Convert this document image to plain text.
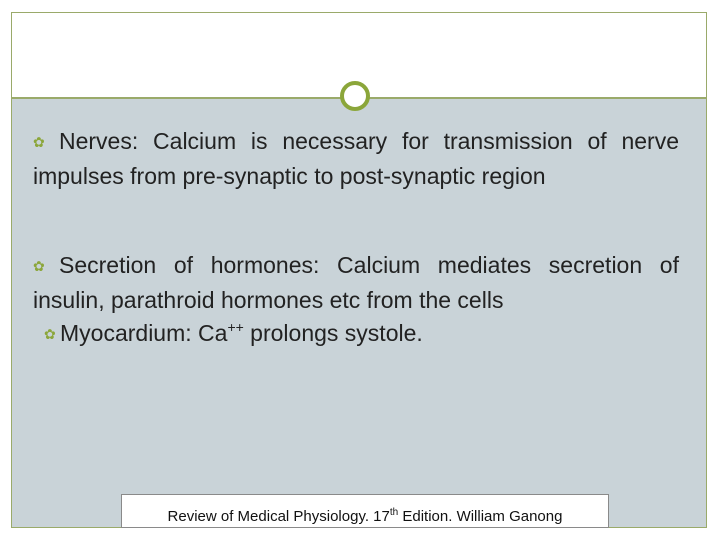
✿ Nerves: Calcium is necessary for transmission of nerve impulses from pre-synaptic to post-synaptic region

✿ Secretion of hormones: Calcium mediates secretion of insulin, parathroid hormones etc from the cells

✿ Myocardium: Ca++ prolongs systole.

Review of Medical Physiology. 17th Edition. William Ganong
